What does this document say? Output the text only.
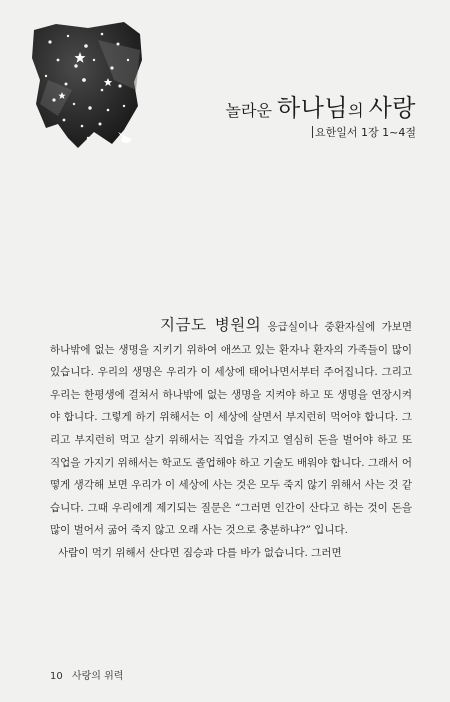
놀라운 하나님의 사랑
요한일서 1장 1~4절

지금도 병원의 응급실이나 중환자실에 가보면 하나밖에 없는 생명을 지키기 위하여 애쓰고 있는 환자나 환자의 가족들이 많이 있습니다. 우리의 생명은 우리가 이 세상에 태어나면서부터 주어집니다. 그리고 우리는 한평생에 걸쳐서 하나밖에 없는 생명을 지켜야 하고 또 생명을 연장시켜야 합니다. 그렇게 하기 위해서는 이 세상에 살면서 부지런히 먹어야 합니다. 그리고 부지런히 먹고 살기 위해서는 직업을 가지고 열심히 돈을 벌어야 하고 또 직업을 가지기 위해서는 학교도 졸업해야 하고 기술도 배워야 합니다. 그래서 어떻게 생각해 보면 우리가 이 세상에 사는 것은 모두 죽지 않기 위해서 사는 것 같습니다. 그때 우리에게 제기되는 질문은 “그러면 인간이 산다고 하는 것이 돈을 많이 벌어서 굶어 죽지 않고 오래 사는 것으로 충분하냐?” 입니다.

사람이 먹기 위해서 산다면 짐승과 다를 바가 없습니다. 그러면

10 사랑의 위력
